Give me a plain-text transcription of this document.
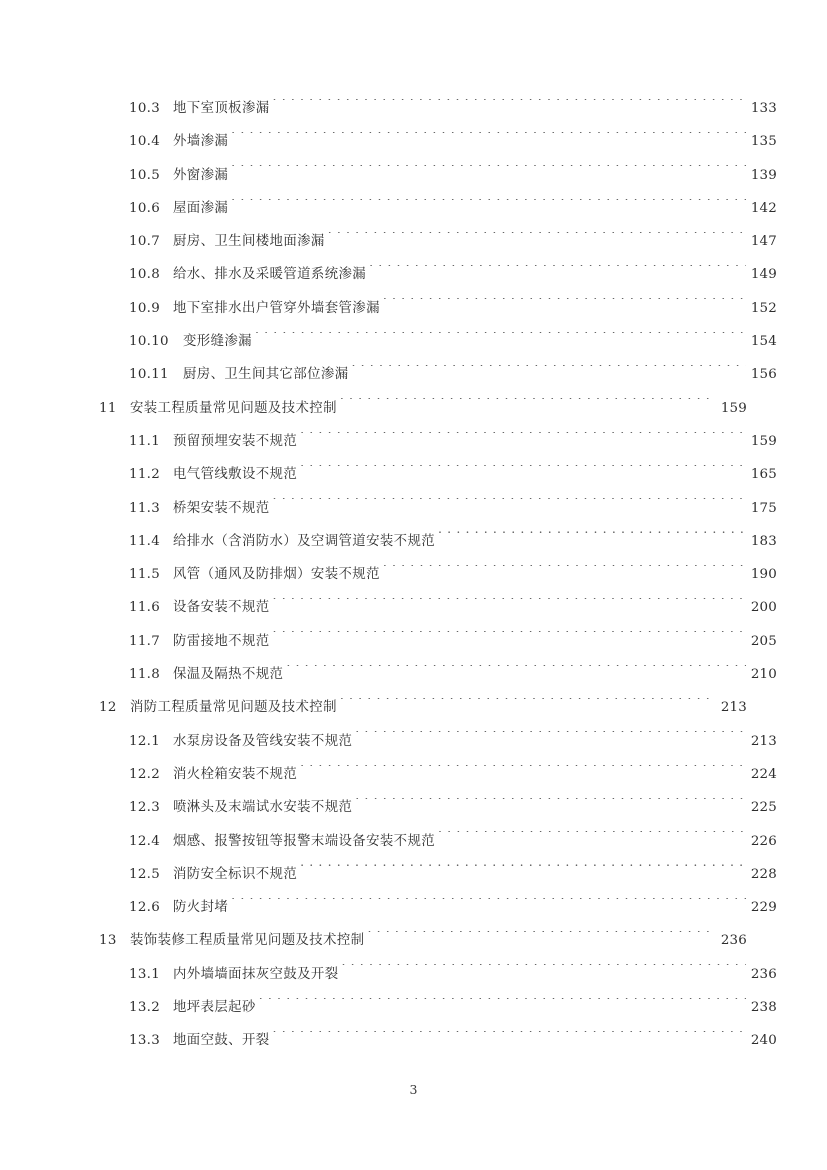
10.3 地下室顶板渗漏 . . .	133
10.4 外墙渗漏 . . .	135
10.5 外窗渗漏 . . .	139
10.6 屋面渗漏 . . .	142
10.7 厨房、卫生间楼地面渗漏 . . .	147
10.8 给水、排水及采暖管道系统渗漏 . . .	149
10.9 地下室排水出户管穿外墙套管渗漏 . . .	152
10.10	变形缝渗漏 . . .	154
10.11	厨房、卫生间其它部位渗漏 . . .	156
11 安装工程质量常见问题及技术控制 . . .	159
11.1 预留预埋安装不规范 . . .	159
11.2 电气管线敷设不规范 . . .	165
11.3 桥架安装不规范 . . .	175
11.4 给排水（含消防水）及空调管道安装不规范 . . .	183
11.5 风管（通风及防排烟）安装不规范 . . .	190
11.6 设备安装不规范 . . .	200
11.7 防雷接地不规范 . . .	205
11.8 保温及隔热不规范 . . .	210
12 消防工程质量常见问题及技术控制 . . .	213
12.1 水泵房设备及管线安装不规范 . . .	213
12.2 消火栓箱安装不规范 . . .	224
12.3 喷淋头及末端试水安装不规范 . . .	225
12.4 烟感、报警按钮等报警末端设备安装不规范 . . .	226
12.5 消防安全标识不规范 . . .	228
12.6 防火封堵 . . .	229
13 装饰装修工程质量常见问题及技术控制 . . .	236
13.1 内外墙墙面抹灰空鼓及开裂 . . .	236
13.2 地坪表层起砂 . . .	238
13.3 地面空鼓、开裂 . . .	240
3
